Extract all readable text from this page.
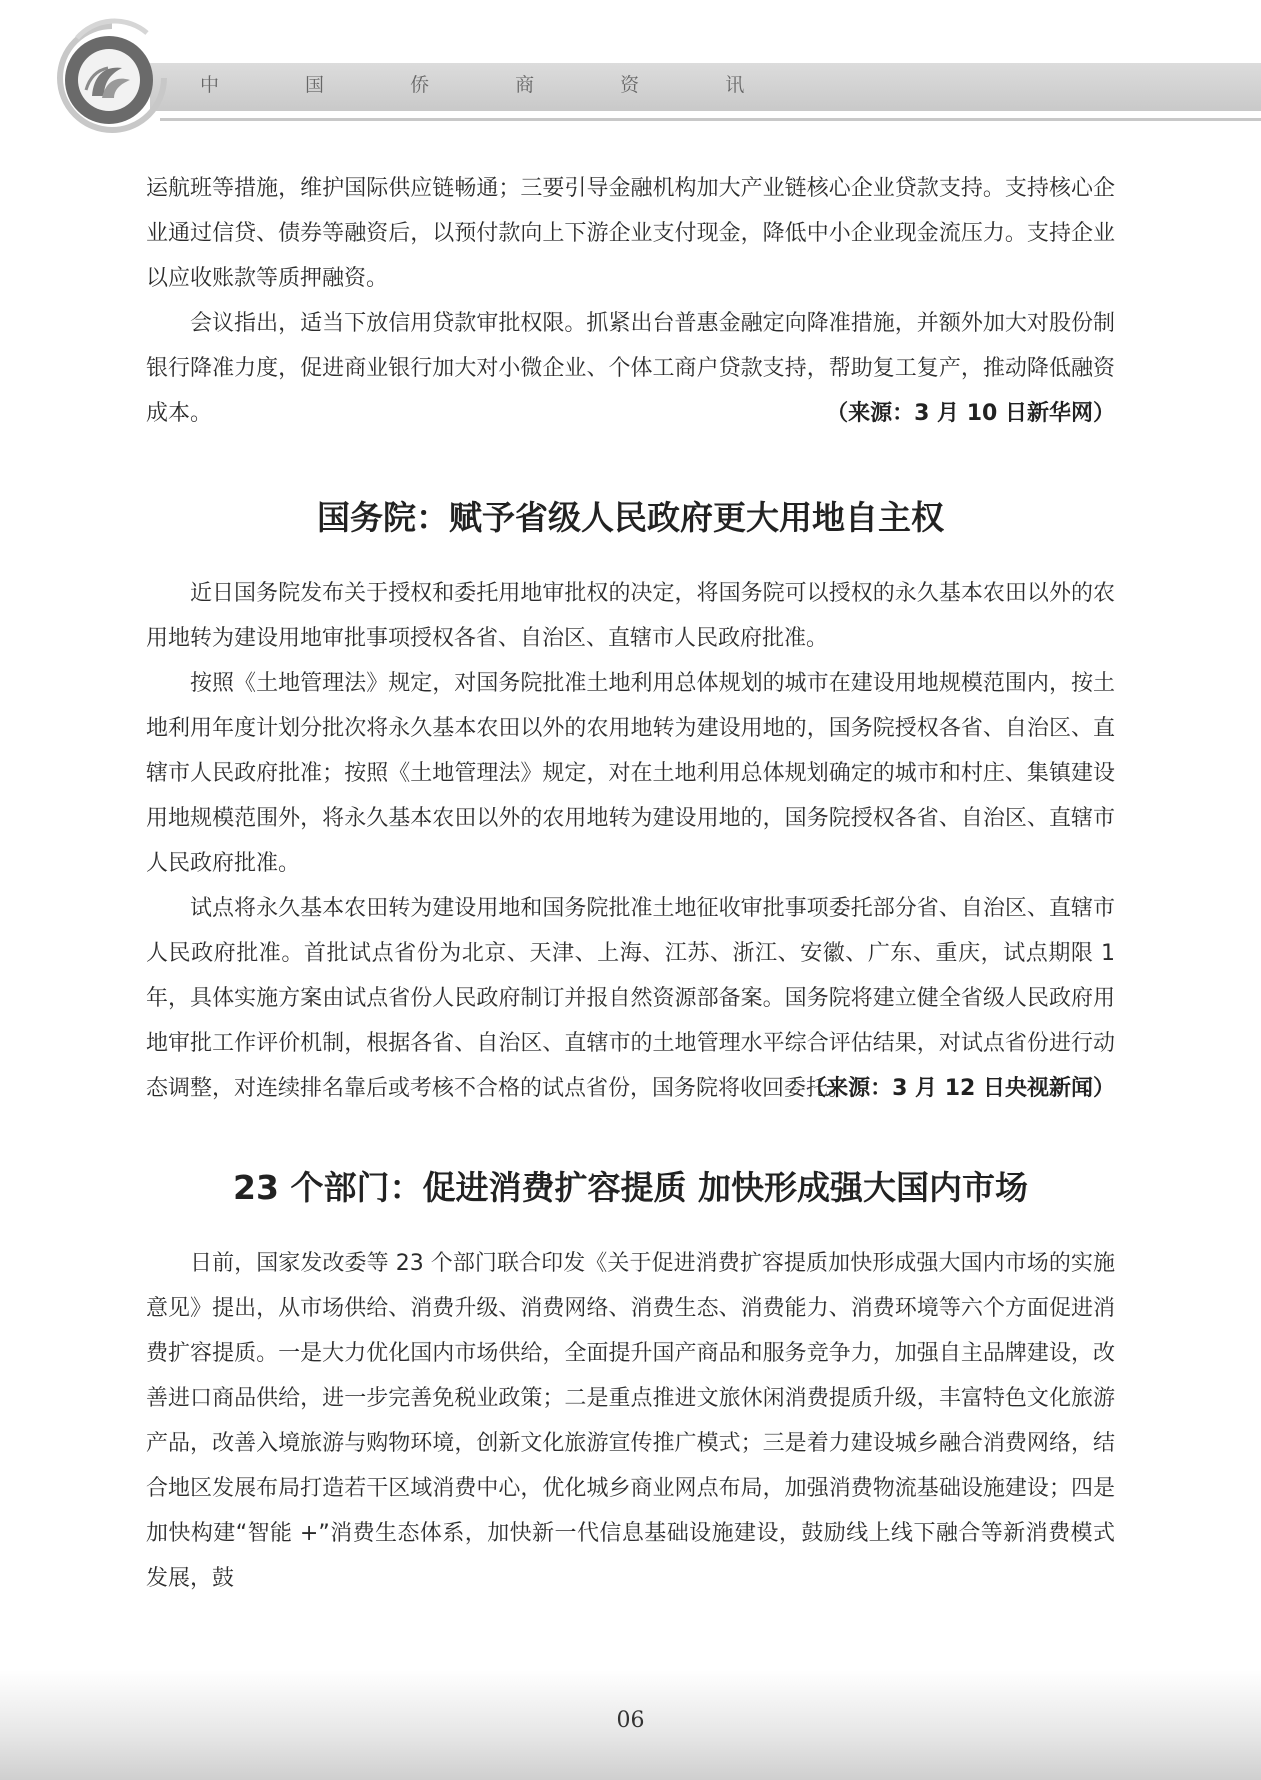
中 国 侨 商 资 讯

运航班等措施，维护国际供应链畅通；三要引导金融机构加大产业链核心企业贷款支持。支持核心企业通过信贷、债券等融资后，以预付款向上下游企业支付现金，降低中小企业现金流压力。支持企业以应收账款等质押融资。

会议指出，适当下放信用贷款审批权限。抓紧出台普惠金融定向降准措施，并额外加大对股份制银行降准力度，促进商业银行加大对小微企业、个体工商户贷款支持，帮助复工复产，推动降低融资成本。	（来源：3 月 10 日新华网）
国务院：赋予省级人民政府更大用地自主权

近日国务院发布关于授权和委托用地审批权的决定，将国务院可以授权的永久基本农田以外的农用地转为建设用地审批事项授权各省、自治区、直辖市人民政府批准。

按照《土地管理法》规定，对国务院批准土地利用总体规划的城市在建设用地规模范围内，按土地利用年度计划分批次将永久基本农田以外的农用地转为建设用地的，国务院授权各省、自治区、直辖市人民政府批准；按照《土地管理法》规定，对在土地利用总体规划确定的城市和村庄、集镇建设用地规模范围外，将永久基本农田以外的农用地转为建设用地的，国务院授权各省、自治区、直辖市人民政府批准。

试点将永久基本农田转为建设用地和国务院批准土地征收审批事项委托部分省、自治区、直辖市人民政府批准。首批试点省份为北京、天津、上海、江苏、浙江、安徽、广东、重庆，试点期限 1 年，具体实施方案由试点省份人民政府制订并报自然资源部备案。国务院将建立健全省级人民政府用地审批工作评价机制，根据各省、自治区、直辖市的土地管理水平综合评估结果，对试点省份进行动态调整，对连续排名靠后或考核不合格的试点省份，国务院将收回委托。

（来源：3 月 12 日央视新闻）
23 个部门：促进消费扩容提质 加快形成强大国内市场

日前，国家发改委等 23 个部门联合印发《关于促进消费扩容提质加快形成强大国内市场的实施意见》提出，从市场供给、消费升级、消费网络、消费生态、消费能力、消费环境等六个方面促进消费扩容提质。一是大力优化国内市场供给，全面提升国产商品和服务竞争力，加强自主品牌建设，改善进口商品供给，进一步完善免税业政策；二是重点推进文旅休闲消费提质升级，丰富特色文化旅游产品，改善入境旅游与购物环境，创新文化旅游宣传推广模式；三是着力建设城乡融合消费网络，结合地区发展布局打造若干区域消费中心，优化城乡商业网点布局，加强消费物流基础设施建设；四是加快构建“智能 +”消费生态体系，加快新一代信息基础设施建设，鼓励线上线下融合等新消费模式发展，鼓

06
